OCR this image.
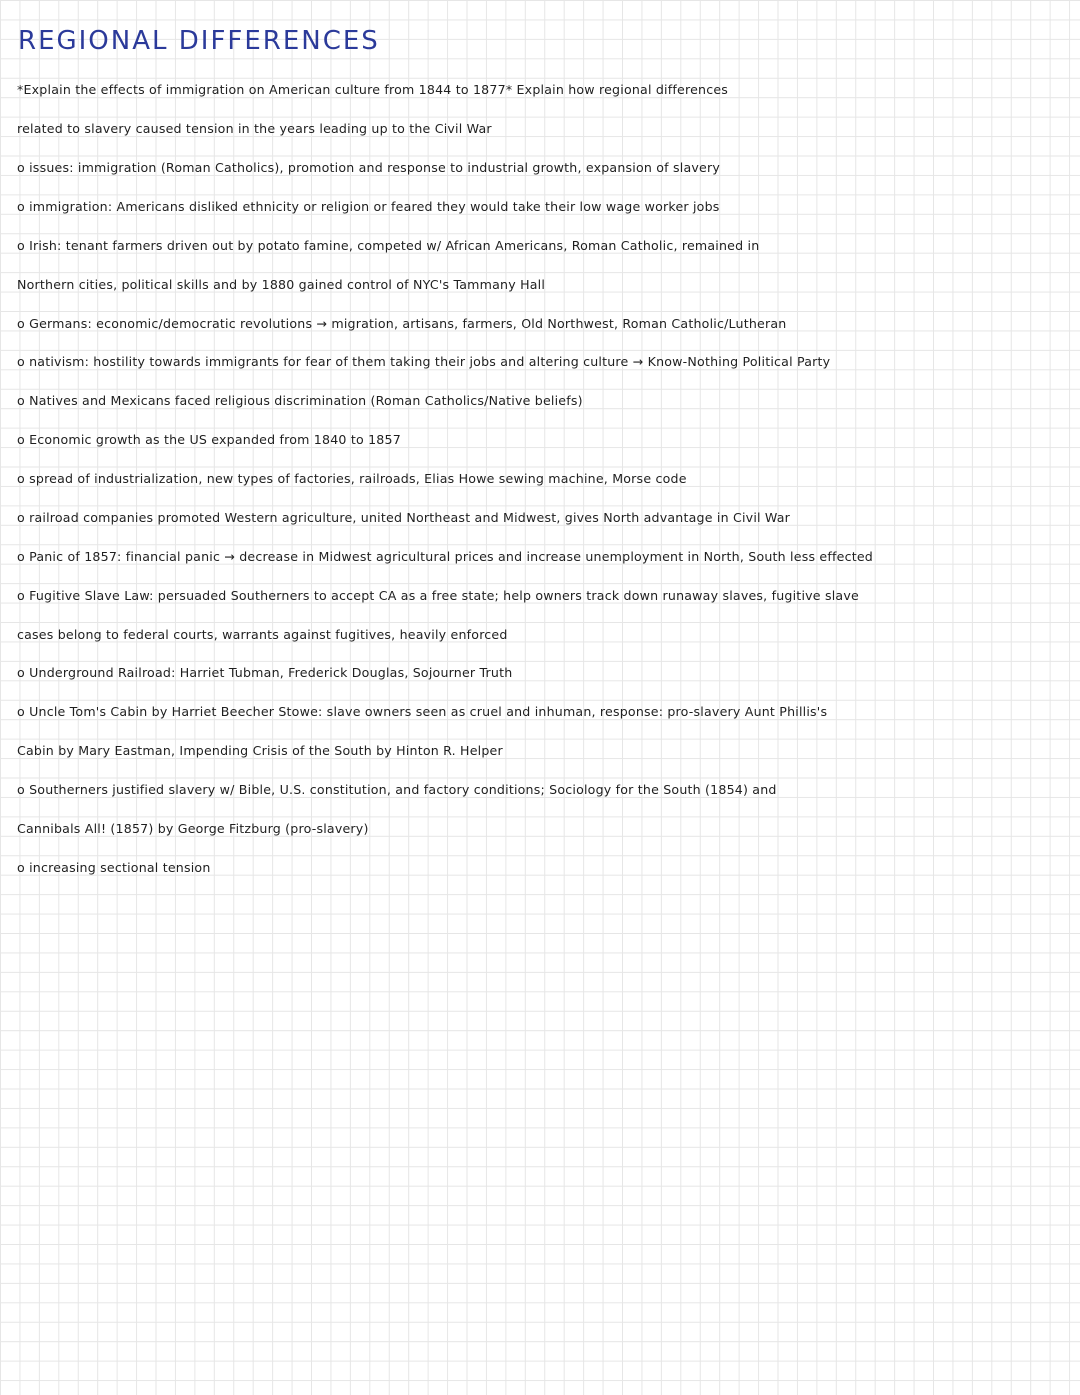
REGIONAL DIFFERENCES
*Explain the effects of immigration on American culture from 1844 to 1877* Explain how regional differences
related to slavery caused tension in the years leading up to the Civil War
o issues: immigration (Roman Catholics), promotion and response to industrial growth, expansion of slavery
o immigration: Americans disliked ethnicity or religion or feared they would take their low wage worker jobs
o Irish: tenant farmers driven out by potato famine, competed w/ African Americans, Roman Catholic, remained in
Northern cities, political skills and by 1880 gained control of NYC's Tammany Hall
o Germans: economic/democratic revolutions → migration, artisans, farmers, Old Northwest, Roman Catholic/Lutheran
o nativism: hostility towards immigrants for fear of them taking their jobs and altering culture → Know-Nothing Political Party
o Natives and Mexicans faced religious discrimination (Roman Catholics/Native beliefs)
o Economic growth as the US expanded from 1840 to 1857
o spread of industrialization, new types of factories, railroads, Elias Howe sewing machine, Morse code
o railroad companies promoted Western agriculture, united Northeast and Midwest, gives North advantage in Civil War
o Panic of 1857: financial panic → decrease in Midwest agricultural prices and increase unemployment in North, South less effected
o Fugitive Slave Law: persuaded Southerners to accept CA as a free state; help owners track down runaway slaves, fugitive slave
cases belong to federal courts, warrants against fugitives, heavily enforced
o Underground Railroad: Harriet Tubman, Frederick Douglas, Sojourner Truth
o Uncle Tom's Cabin by Harriet Beecher Stowe: slave owners seen as cruel and inhuman, response: pro-slavery Aunt Phillis's
Cabin by Mary Eastman, Impending Crisis of the South by Hinton R. Helper
o Southerners justified slavery w/ Bible, U.S. constitution, and factory conditions; Sociology for the South (1854) and
Cannibals All! (1857) by George Fitzburg (pro-slavery)
o increasing sectional tension
